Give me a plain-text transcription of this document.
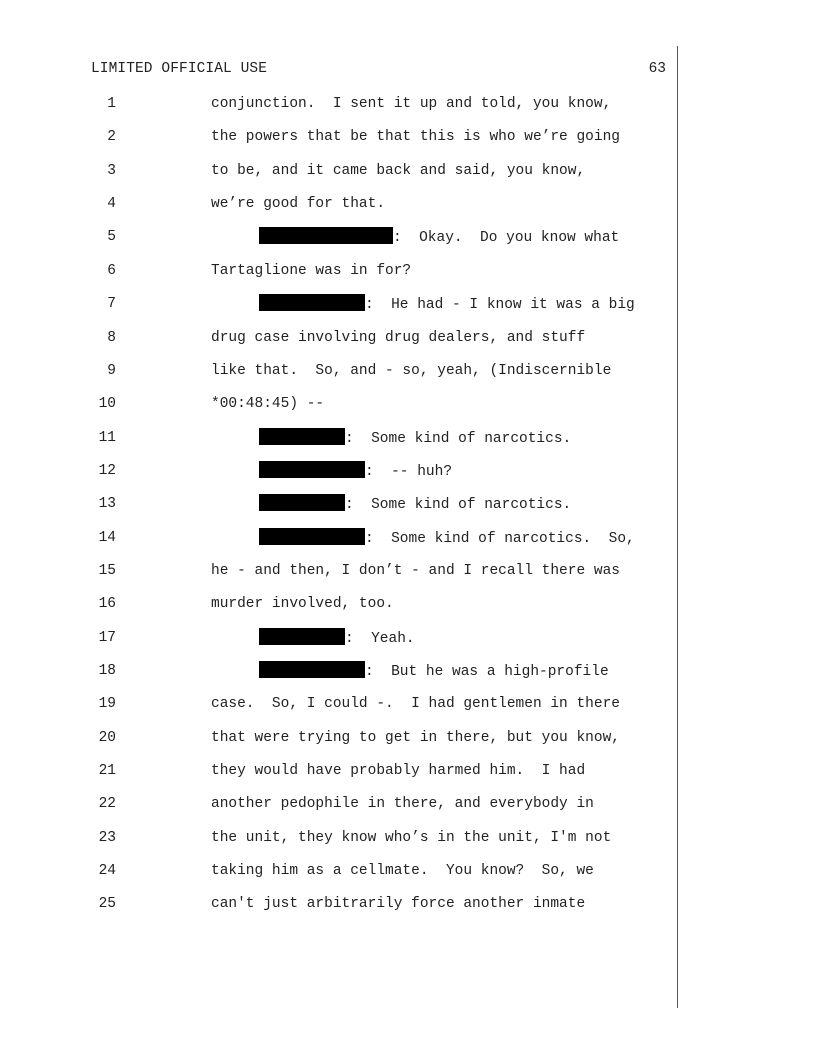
LIMITED OFFICIAL USE	63
1	conjunction.  I sent it up and told, you know,
2	the powers that be that this is who we’re going
3	to be, and it came back and said, you know,
4	we’re good for that.
5	:  Okay.  Do you know what
6	Tartaglione was in for?
7	:  He had - I know it was a big
8	drug case involving drug dealers, and stuff
9	like that.  So, and - so, yeah, (Indiscernible
10	*00:48:45) --
11	:  Some kind of narcotics.
12	:  -- huh?
13	:  Some kind of narcotics.
14	:  Some kind of narcotics.  So,
15	he - and then, I don’t - and I recall there was
16	murder involved, too.
17	:  Yeah.
18	:  But he was a high-profile
19	case.  So, I could -.  I had gentlemen in there
20	that were trying to get in there, but you know,
21	they would have probably harmed him.  I had
22	another pedophile in there, and everybody in
23	the unit, they know who’s in the unit, I'm not
24	taking him as a cellmate.  You know?  So, we
25	can't just arbitrarily force another inmate
